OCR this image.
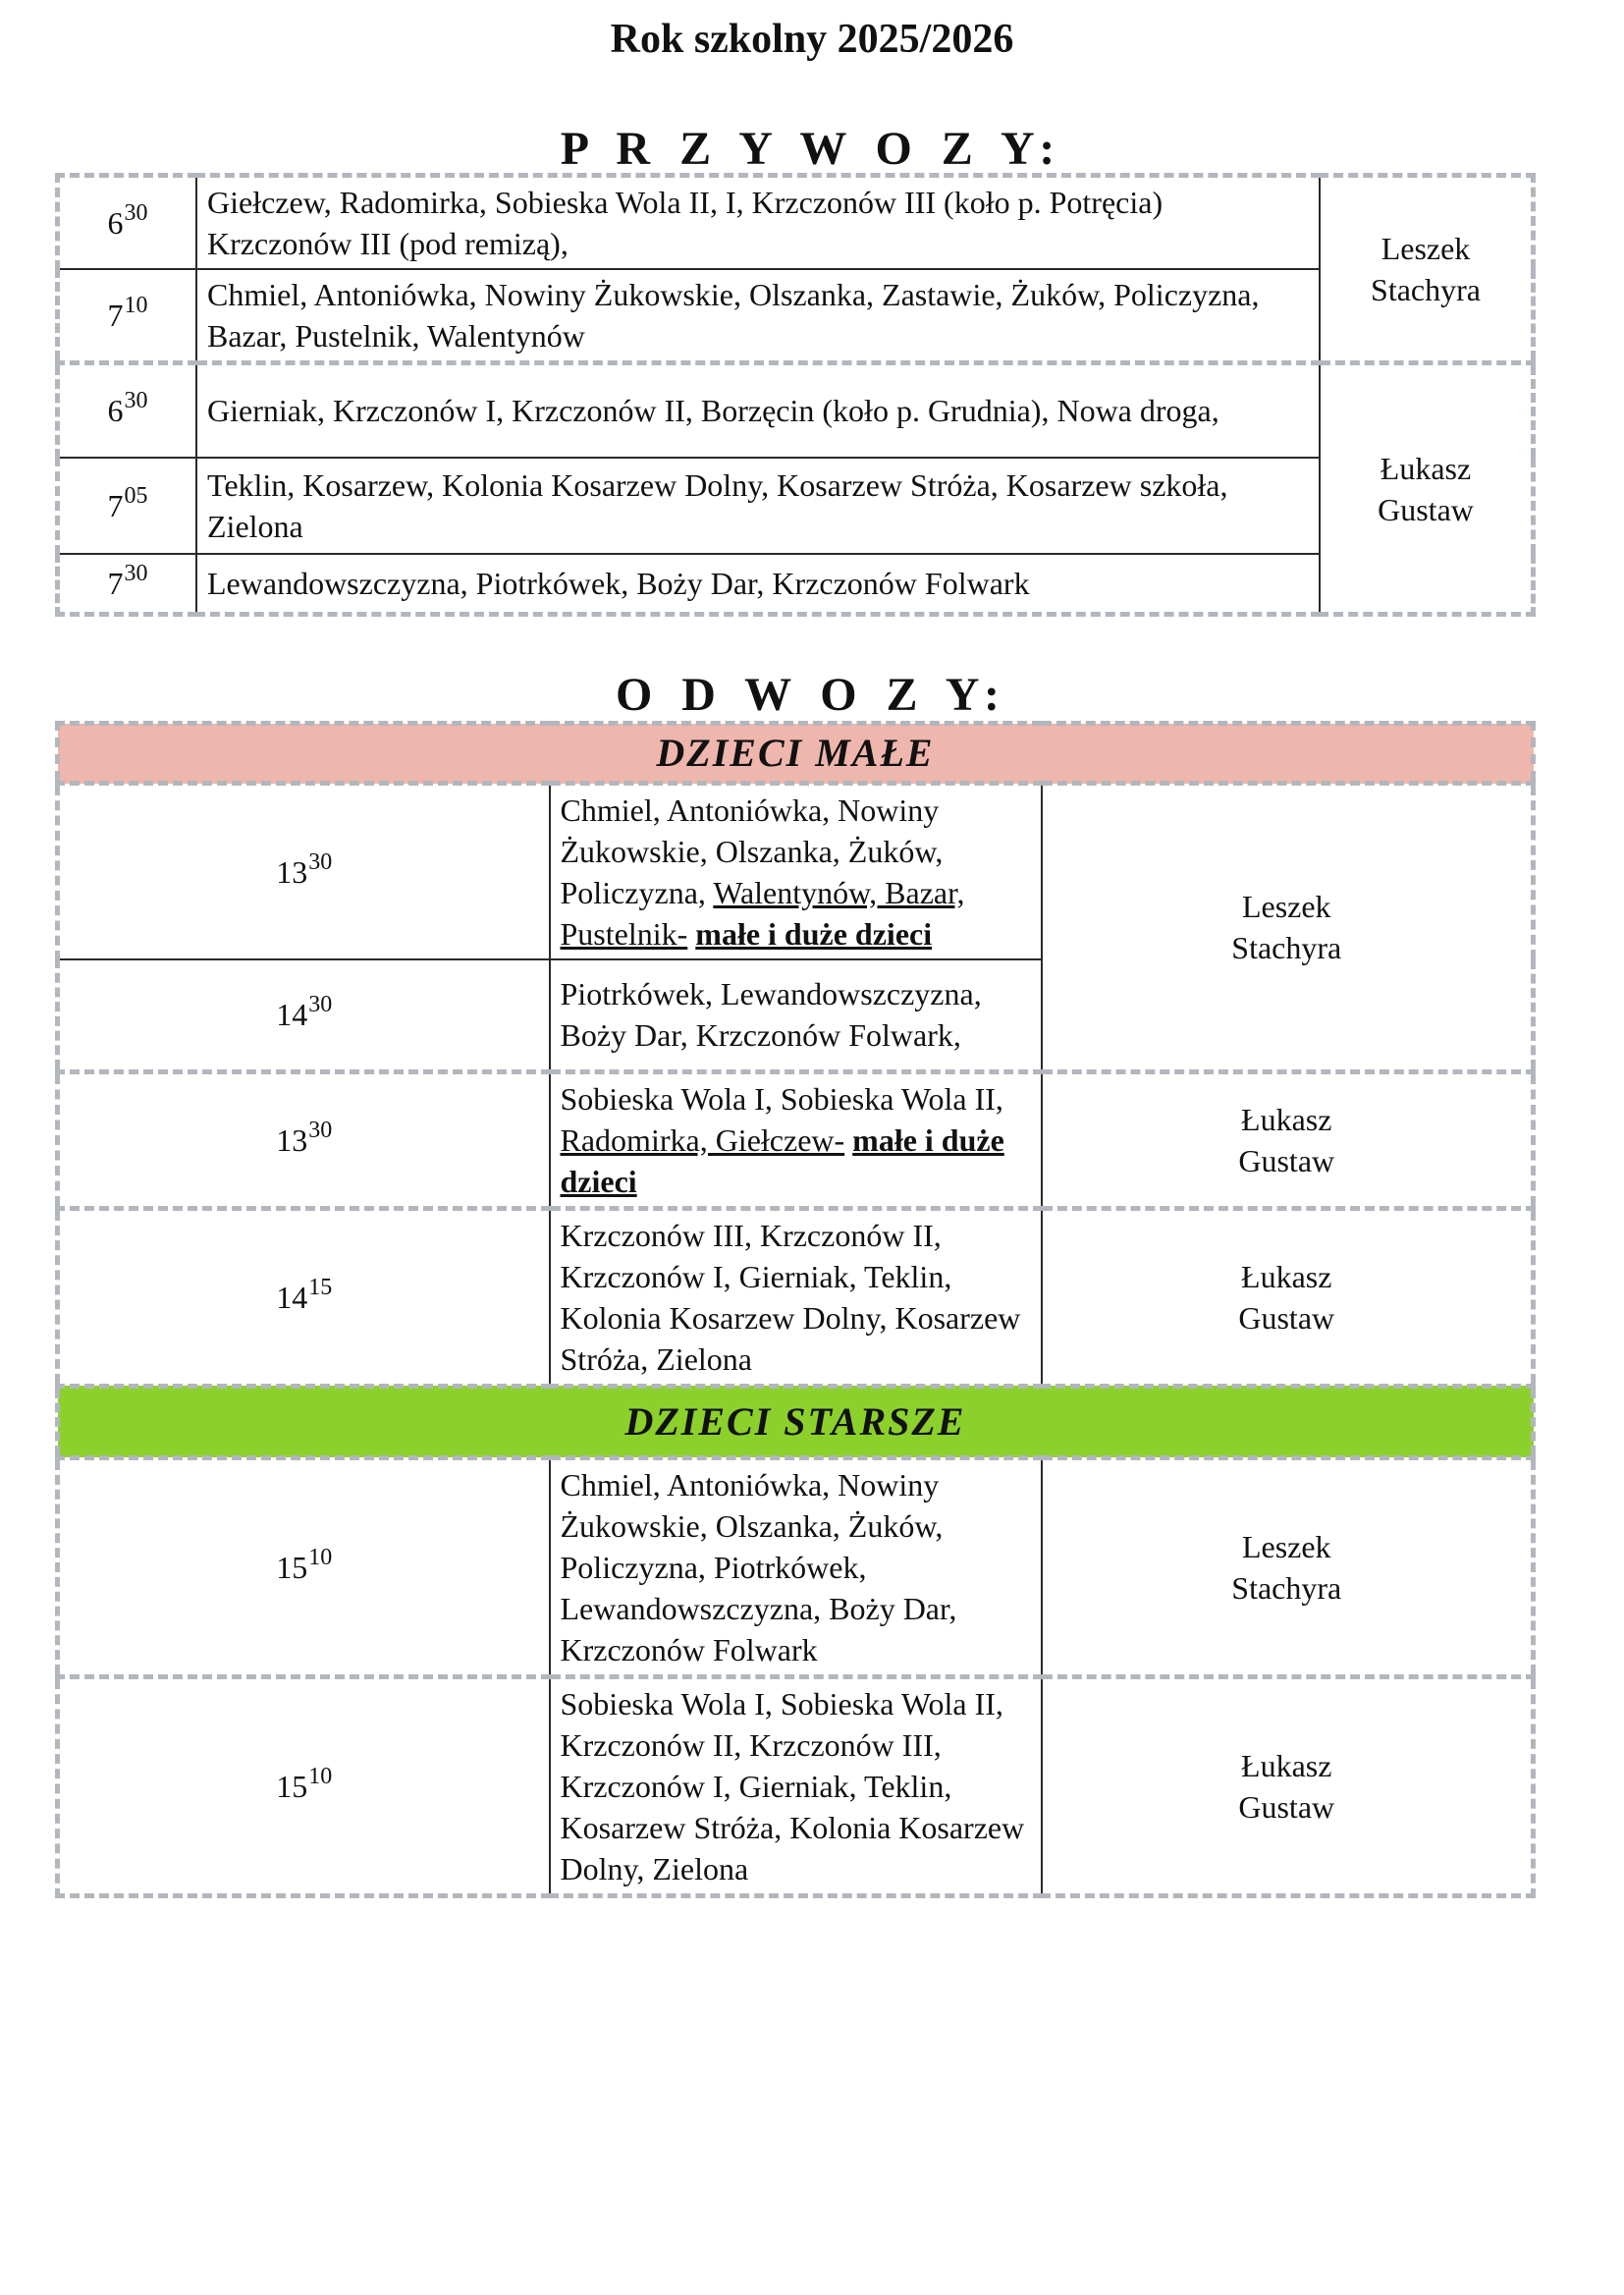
Rok szkolny 2025/2026
P R Z Y W O Z Y:
$6^{30}$	Giełczew, Radomirka, Sobieska Wola II, I, Krzczonów III (koło p. Potręcia) Krzczonów III (pod remizą),	Leszek
Stachyra

$7^{10}$	Chmiel, Antoniówka, Nowiny Żukowskie, Olszanka, Zastawie, Żuków, Policzyzna, Bazar, Pustelnik, Walentynów	
$6^{30}$	Gierniak, Krzczonów I, Krzczonów II, Borzęcin (koło p. Grudnia), Nowa droga,	Łukasz
Gustaw

$7^{05}$	Teklin, Kosarzew, Kolonia Kosarzew Dolny, Kosarzew Stróża, Kosarzew szkoła, Zielona	
$7^{30}$	Lewandowszczyzna, Piotrkówek, Boży Dar, Krzczonów Folwark	
O D W O Z Y:
DZIECI MAŁE		
$13^{30}$	Chmiel, Antoniówka, Nowiny Żukowskie, Olszanka, Żuków, Policzyzna, Walentynów, Bazar, Pustelnik- małe i duże dzieci	Leszek
Stachyra

$14^{30}$	Piotrkówek, Lewandowszczyzna, Boży Dar, Krzczonów Folwark,	
$13^{30}$	Sobieska Wola I, Sobieska Wola II, Radomirka, Giełczew- małe i duże dzieci	Łukasz
Gustaw

$14^{15}$	Krzczonów III, Krzczonów II, Krzczonów I, Gierniak, Teklin, Kolonia Kosarzew Dolny, Kosarzew Stróża, Zielona	Łukasz
Gustaw

DZIECI STARSZE		
$15^{10}$	Chmiel, Antoniówka, Nowiny Żukowskie, Olszanka, Żuków, Policzyzna, Piotrkówek, Lewandowszczyzna, Boży Dar, Krzczonów Folwark	Leszek
Stachyra

$15^{10}$	Sobieska Wola I, Sobieska Wola II, Krzczonów II, Krzczonów III, Krzczonów I, Gierniak, Teklin, Kosarzew Stróża, Kolonia Kosarzew Dolny, Zielona	Łukasz
Gustaw
